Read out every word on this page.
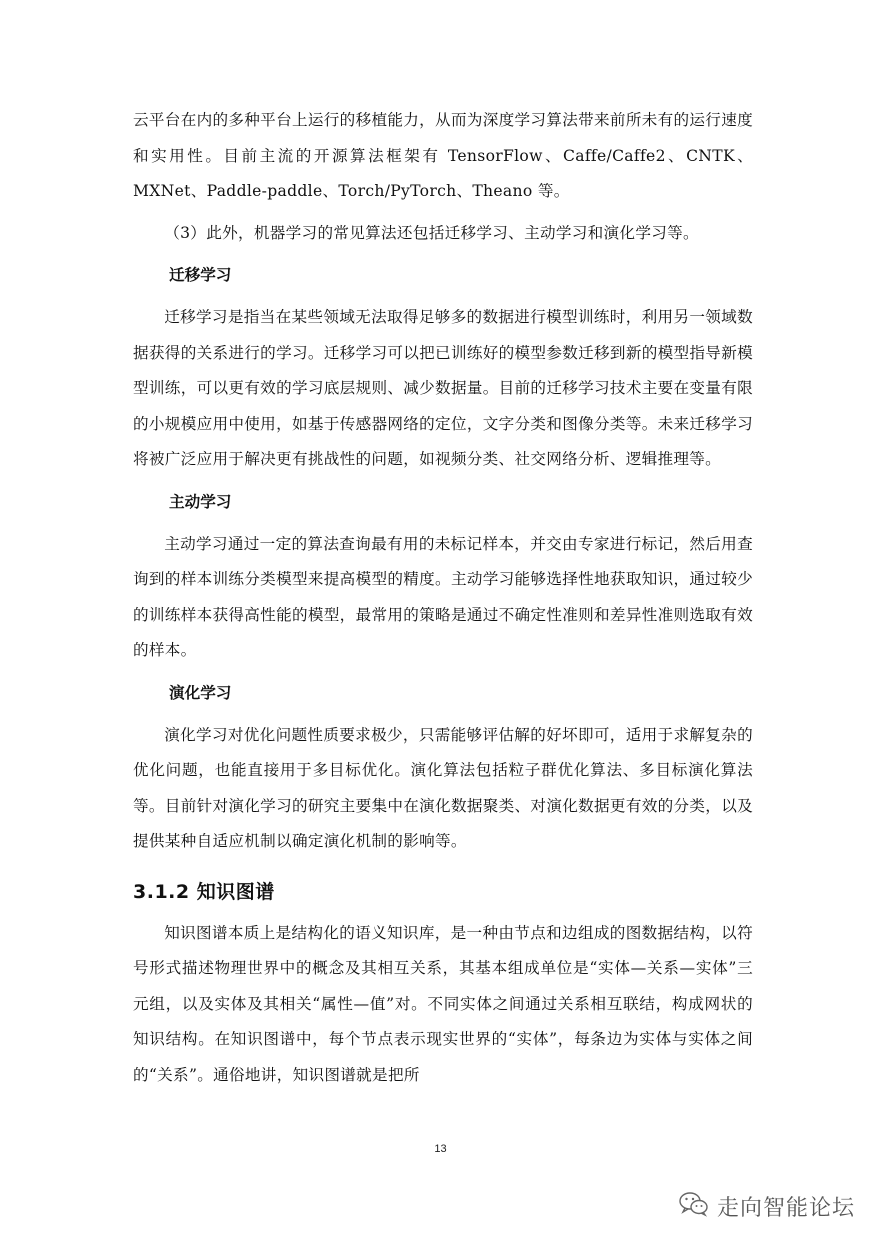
云平台在内的多种平台上运行的移植能力，从而为深度学习算法带来前所未有的运行速度和实用性。目前主流的开源算法框架有 TensorFlow、Caffe/Caffe2、CNTK、MXNet、Paddle-paddle、Torch/PyTorch、Theano 等。

（3）此外，机器学习的常见算法还包括迁移学习、主动学习和演化学习等。

迁移学习

迁移学习是指当在某些领域无法取得足够多的数据进行模型训练时，利用另一领域数据获得的关系进行的学习。迁移学习可以把已训练好的模型参数迁移到新的模型指导新模型训练，可以更有效的学习底层规则、减少数据量。目前的迁移学习技术主要在变量有限的小规模应用中使用，如基于传感器网络的定位，文字分类和图像分类等。未来迁移学习将被广泛应用于解决更有挑战性的问题，如视频分类、社交网络分析、逻辑推理等。

主动学习

主动学习通过一定的算法查询最有用的未标记样本，并交由专家进行标记，然后用查询到的样本训练分类模型来提高模型的精度。主动学习能够选择性地获取知识，通过较少的训练样本获得高性能的模型，最常用的策略是通过不确定性准则和差异性准则选取有效的样本。

演化学习

演化学习对优化问题性质要求极少，只需能够评估解的好坏即可，适用于求解复杂的优化问题，也能直接用于多目标优化。演化算法包括粒子群优化算法、多目标演化算法等。目前针对演化学习的研究主要集中在演化数据聚类、对演化数据更有效的分类，以及提供某种自适应机制以确定演化机制的影响等。

3.1.2 知识图谱

知识图谱本质上是结构化的语义知识库，是一种由节点和边组成的图数据结构，以符号形式描述物理世界中的概念及其相互关系，其基本组成单位是“实体—关系—实体”三元组，以及实体及其相关“属性—值”对。不同实体之间通过关系相互联结，构成网状的知识结构。在知识图谱中，每个节点表示现实世界的“实体”，每条边为实体与实体之间的“关系”。通俗地讲，知识图谱就是把所

13
走向智能论坛
